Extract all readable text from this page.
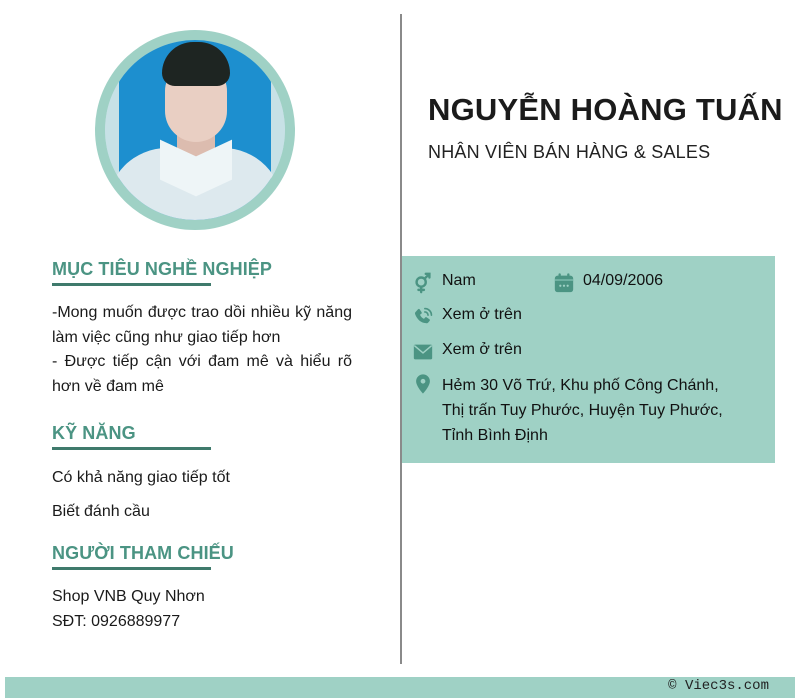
MỤC TIÊU NGHỀ NGHIỆP
-Mong muốn được trao dồi nhiều kỹ năng làm việc cũng như giao tiếp hơn
- Được tiếp cận với đam mê và hiểu rõ hơn về đam mê
KỸ NĂNG
Có khả năng giao tiếp tốt
Biết đánh cầu
NGƯỜI THAM CHIẾU
Shop VNB Quy Nhơn
SĐT: 0926889977
NGUYỄN HOÀNG TUẤN
NHÂN VIÊN BÁN HÀNG & SALES
Nam	04/09/2006
Xem ở trên
Xem ở trên
Hẻm 30 Võ Trứ, Khu phố Công Chánh,
Thị trấn Tuy Phước, Huyện Tuy Phước,
Tỉnh Bình Định
© Viec3s.com
